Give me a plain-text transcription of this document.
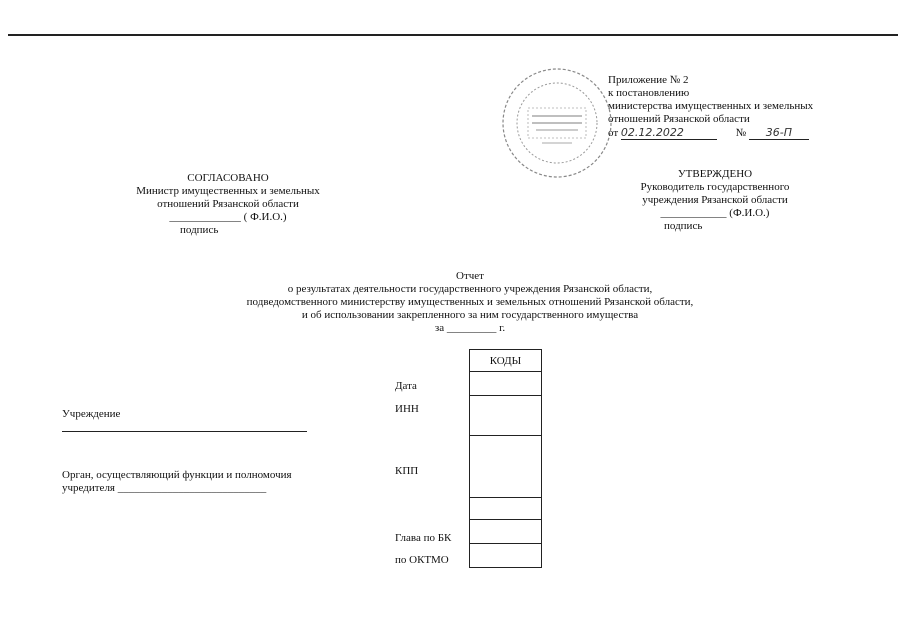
Приложение № 2
к постановлению
министерства имущественных и земельных
отношений Рязанской области
от 02.12.2022	№ 36-П
СОГЛАСОВАНО
Министр имущественных и земельных
отношений Рязанской области
_____________ ( Ф.И.О.)
подпись
УТВЕРЖДЕНО
Руководитель государственного
учреждения Рязанской области
____________ (Ф.И.О.)
подпись
Отчет
о результатах деятельности государственного учреждения Рязанской области,
подведомственного министерству имущественных и земельных отношений Рязанской области,
и об использовании закрепленного за ним государственного имущества
за _________ г.
Учреждение
Орган, осуществляющий функции и полномочия
учредителя ___________________________
Дата
ИНН
КПП
Глава по БК
по ОКТМО
КОДЫ
